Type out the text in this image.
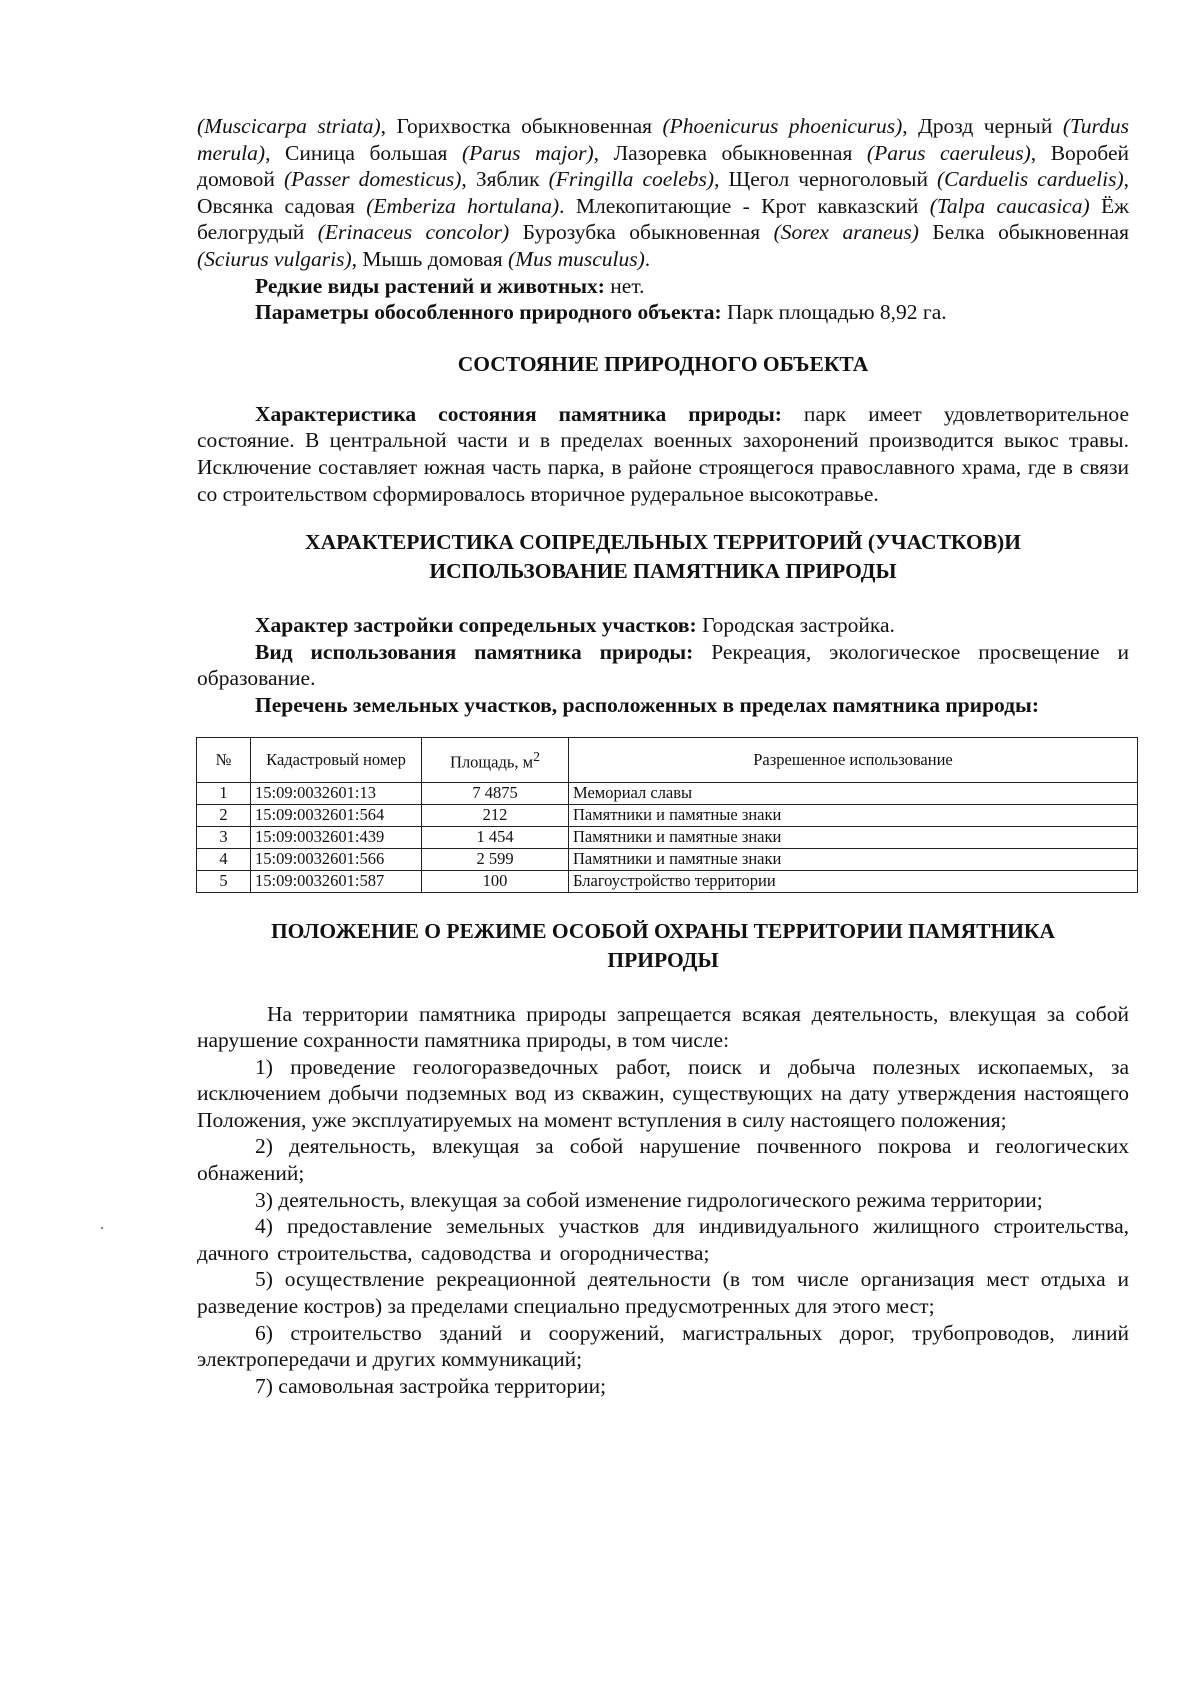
(Muscicarpa striata), Горихвостка обыкновенная (Phoenicurus phoenicurus), Дрозд черный (Turdus merula), Синица большая (Parus major), Лазоревка обыкновенная (Parus caeruleus), Воробей домовой (Passer domesticus), Зяблик (Fringilla coelebs), Щегол черноголовый (Carduelis carduelis), Овсянка садовая (Emberiza hortulana). Млекопитающие - Крот кавказский (Talpa caucasica) Ёж белогрудый (Erinaceus concolor) Бурозубка обыкновенная (Sorex araneus) Белка обыкновенная (Sciurus vulgaris), Мышь домовая (Mus musculus).

Редкие виды растений и животных: нет.

Параметры обособленного природного объекта: Парк площадью 8,92 га.

СОСТОЯНИЕ ПРИРОДНОГО ОБЪЕКТА

Характеристика состояния памятника природы: парк имеет удовлетворительное состояние. В центральной части и в пределах военных захоронений производится выкос травы. Исключение составляет южная часть парка, в районе строящегося православного храма, где в связи со строительством сформировалось вторичное рудеральное высокотравье.

ХАРАКТЕРИСТИКА СОПРЕДЕЛЬНЫХ ТЕРРИТОРИЙ (УЧАСТКОВ)И
ИСПОЛЬЗОВАНИЕ ПАМЯТНИКА ПРИРОДЫ

Характер застройки сопредельных участков: Городская застройка.

Вид использования памятника природы: Рекреация, экологическое просвещение и образование.

Перечень земельных участков, расположенных в пределах памятника природы:

№	Кадастровый номер	Площадь, $м^2$	Разрешенное использование
1	15:09:0032601:13	7 4875	Мемориал славы
2	15:09:0032601:564	212	Памятники и памятные знаки
3	15:09:0032601:439	1 454	Памятники и памятные знаки
4	15:09:0032601:566	2 599	Памятники и памятные знаки
5	15:09:0032601:587	100	Благоустройство территории
ПОЛОЖЕНИЕ О РЕЖИМЕ ОСОБОЙ ОХРАНЫ ТЕРРИТОРИИ ПАМЯТНИКА
ПРИРОДЫ

На территории памятника природы запрещается всякая деятельность, влекущая за собой нарушение сохранности памятника природы, в том числе:

1) проведение геологоразведочных работ, поиск и добыча полезных ископаемых, за исключением добычи подземных вод из скважин, существующих на дату утверждения настоящего Положения, уже эксплуатируемых на момент вступления в силу настоящего положения;

2) деятельность, влекущая за собой нарушение почвенного покрова и геологических обнажений;

3) деятельность, влекущая за собой изменение гидрологического режима территории;

4) предоставление земельных участков для индивидуального жилищного строительства, дачного строительства, садоводства и огородничества;

5) осуществление рекреационной деятельности (в том числе организация мест отдыха и разведение костров) за пределами специально предусмотренных для этого мест;

6) строительство зданий и сооружений, магистральных дорог, трубопроводов, линий электропередачи и других коммуникаций;

7) самовольная застройка территории;
